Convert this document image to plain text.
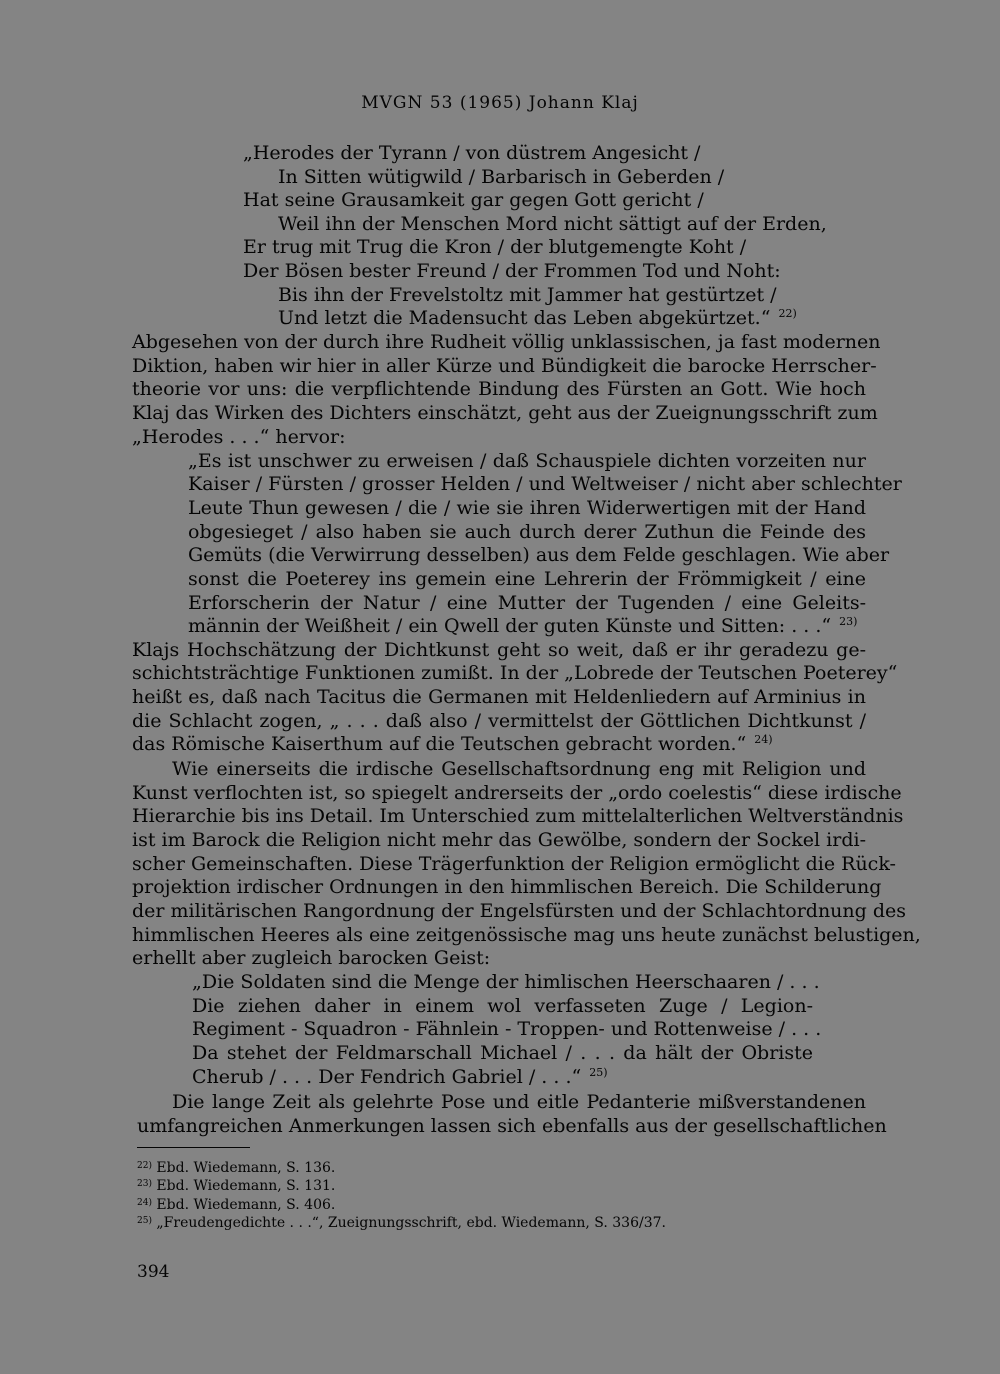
MVGN 53 (1965) Johann Klaj
„Herodes der Tyrann / von düstrem Angesicht /
In Sitten wütigwild / Barbarisch in Geberden /
Hat seine Grausamkeit gar gegen Gott gericht /
Weil ihn der Menschen Mord nicht sättigt auf der Erden,
Er trug mit Trug die Kron / der blutgemengte Koht /
Der Bösen bester Freund / der Frommen Tod und Noht:
Bis ihn der Frevelstoltz mit Jammer hat gestürtzet /
Und letzt die Madensucht das Leben abgekürtzet.“ $^{22)}$
Abgesehen von der durch ihre Rudheit völlig unklassischen, ja fast modernen
Diktion, haben wir hier in aller Kürze und Bündigkeit die barocke Herrscher-
theorie vor uns: die verpflichtende Bindung des Fürsten an Gott. Wie hoch
Klaj das Wirken des Dichters einschätzt, geht aus der Zueignungsschrift zum
„Herodes . . .“ hervor:
„Es ist unschwer zu erweisen / daß Schauspiele dichten vorzeiten nur
Kaiser / Fürsten / grosser Helden / und Weltweiser / nicht aber schlechter
Leute Thun gewesen / die / wie sie ihren Widerwertigen mit der Hand
obgesieget / also haben sie auch durch derer Zuthun die Feinde des
Gemüts (die Verwirrung desselben) aus dem Felde geschlagen. Wie aber
sonst die Poeterey ins gemein eine Lehrerin der Frömmigkeit / eine
Erforscherin der Natur / eine Mutter der Tugenden / eine Geleits-
männin der Weißheit / ein Qwell der guten Künste und Sitten: . . .“ $^{23)}$
Klajs Hochschätzung der Dichtkunst geht so weit, daß er ihr geradezu ge-
schichtsträchtige Funktionen zumißt. In der „Lobrede der Teutschen Poeterey“
heißt es, daß nach Tacitus die Germanen mit Heldenliedern auf Arminius in
die Schlacht zogen, „ . . . daß also / vermittelst der Göttlichen Dichtkunst /
das Römische Kaiserthum auf die Teutschen gebracht worden.“ $^{24)}$
Wie einerseits die irdische Gesellschaftsordnung eng mit Religion und
Kunst verflochten ist, so spiegelt andrerseits der „ordo coelestis“ diese irdische
Hierarchie bis ins Detail. Im Unterschied zum mittelalterlichen Weltverständnis
ist im Barock die Religion nicht mehr das Gewölbe, sondern der Sockel irdi-
scher Gemeinschaften. Diese Trägerfunktion der Religion ermöglicht die Rück-
projektion irdischer Ordnungen in den himmlischen Bereich. Die Schilderung
der militärischen Rangordnung der Engelsfürsten und der Schlachtordnung des
himmlischen Heeres als eine zeitgenössische mag uns heute zunächst belustigen,
erhellt aber zugleich barocken Geist:
„Die Soldaten sind die Menge der himlischen Heerschaaren / . . .
Die ziehen daher in einem wol verfasseten Zuge / Legion-
Regiment - Squadron - Fähnlein - Troppen- und Rottenweise / . . .
Da stehet der Feldmarschall Michael / . . . da hält der Obriste
Cherub / . . . Der Fendrich Gabriel / . . .“ $^{25)}$
Die lange Zeit als gelehrte Pose und eitle Pedanterie mißverstandenen
umfangreichen Anmerkungen lassen sich ebenfalls aus der gesellschaftlichen
$^{22)}$ Ebd. Wiedemann, S. 136.
$^{23)}$ Ebd. Wiedemann, S. 131.
$^{24)}$ Ebd. Wiedemann, S. 406.
$^{25)}$ „Freudengedichte . . .“, Zueignungsschrift, ebd. Wiedemann, S. 336/37.
394
